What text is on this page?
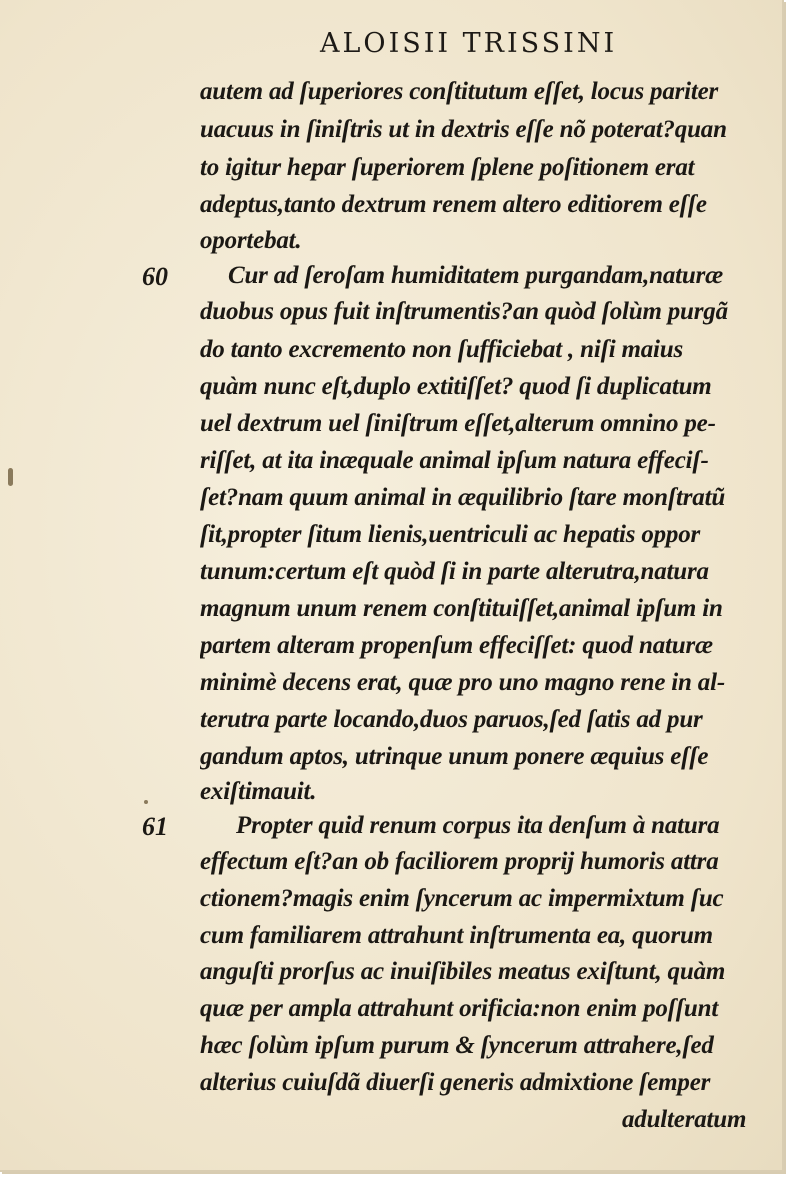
ALOISII TRISSINI
60
61
autem ad ſuperiores conſtitutum eſſet, locus pariter
uacuus in ſiniſtris ut in dextris eſſe nõ poterat?quan
to igitur hepar ſuperiorem ſplene poſitionem erat
adeptus,tanto dextrum renem altero editiorem eſſe
oportebat.
Cur ad ſeroſam humiditatem purgandam,naturæ
duobus opus fuit inſtrumentis?an quòd ſolùm purgã
do tanto excremento non ſufficiebat , niſi maius
quàm nunc eſt,duplo extitiſſet? quod ſi duplicatum
uel dextrum uel ſiniſtrum eſſet,alterum omnino pe-
riſſet, at ita inæquale animal ipſum natura effeciſ-
ſet?nam quum animal in æquilibrio ſtare monſtratũ
ſit,propter ſitum lienis,uentriculi ac hepatis oppor
tunum:certum eſt quòd ſi in parte alterutra,natura
magnum unum renem conſtituiſſet,animal ipſum in
partem alteram propenſum effeciſſet: quod naturæ
minimè decens erat, quæ pro uno magno rene in al-
terutra parte locando,duos paruos,ſed ſatis ad pur
gandum aptos, utrinque unum ponere æquius eſſe
exiſtimauit.
Propter quid renum corpus ita denſum à natura
effectum eſt?an ob faciliorem proprij humoris attra
ctionem?magis enim ſyncerum ac impermixtum ſuc
cum familiarem attrahunt inſtrumenta ea, quorum
anguſti prorſus ac inuiſibiles meatus exiſtunt, quàm
quæ per ampla attrahunt orificia:non enim poſſunt
hæc ſolùm ipſum purum & ſyncerum attrahere,ſed
alterius cuiuſdã diuerſi generis admixtione ſemper
adulteratum
